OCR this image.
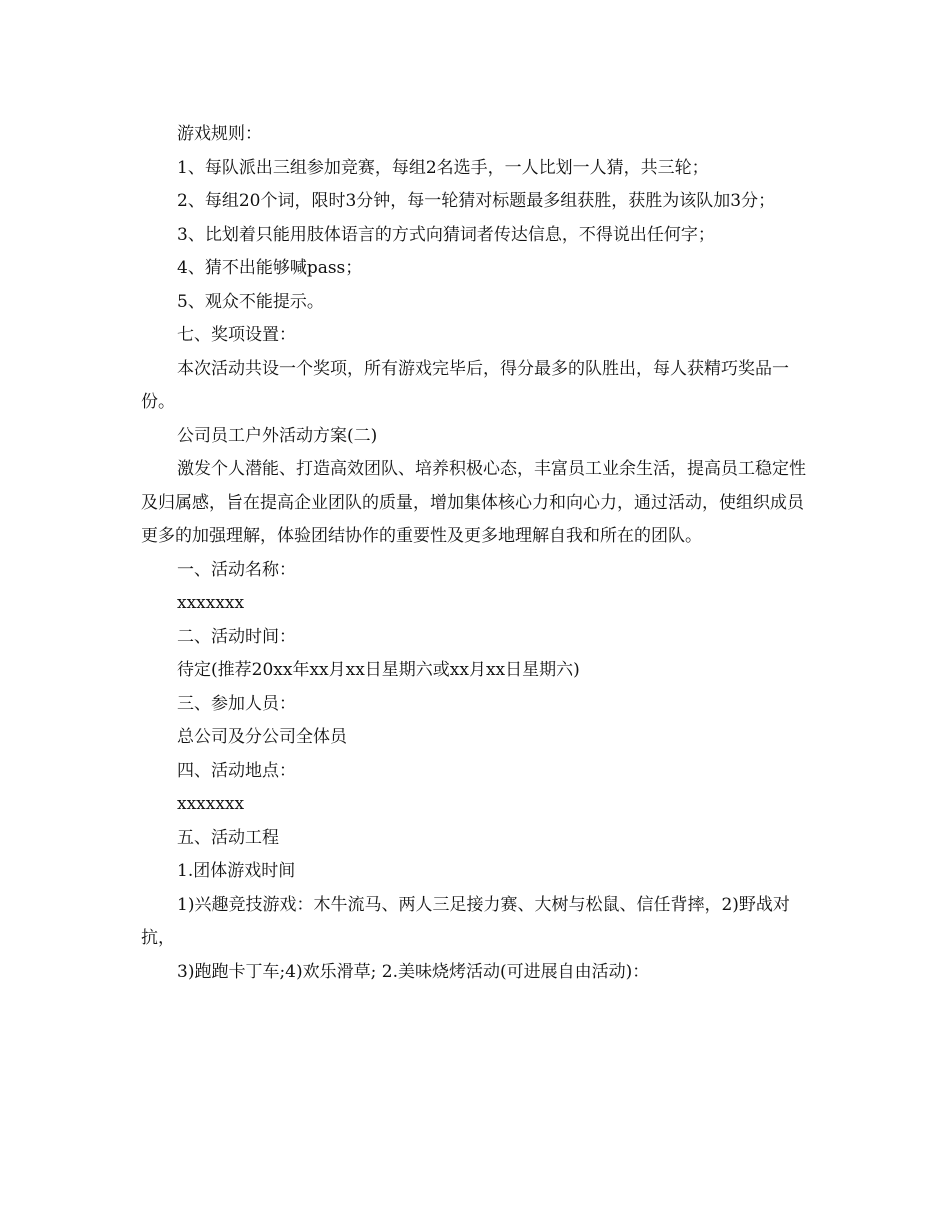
游戏规则：

1、每队派出三组参加竞赛，每组2名选手，一人比划一人猜，共三轮；

2、每组20个词，限时3分钟，每一轮猜对标题最多组获胜，获胜为该队加3分；

3、比划着只能用肢体语言的方式向猜词者传达信息，不得说出任何字；

4、猜不出能够喊pass；

5、观众不能提示。

七、奖项设置：

本次活动共设一个奖项，所有游戏完毕后，得分最多的队胜出，每人获精巧奖品一份。

公司员工户外活动方案(二)

激发个人潜能、打造高效团队、培养积极心态，丰富员工业余生活，提高员工稳定性及归属感，旨在提高企业团队的质量，增加集体核心力和向心力，通过活动，使组织成员更多的加强理解，体验团结协作的重要性及更多地理解自我和所在的团队。

一、活动名称：

xxxxxxx

二、活动时间：

待定(推荐20xx年xx月xx日星期六或xx月xx日星期六)

三、参加人员：

总公司及分公司全体员

四、活动地点：

xxxxxxx

五、活动工程

1.团体游戏时间

1)兴趣竞技游戏：木牛流马、两人三足接力赛、大树与松鼠、信任背摔，2)野战对抗，

3)跑跑卡丁车;4)欢乐滑草; 2.美味烧烤活动(可进展自由活动)：
